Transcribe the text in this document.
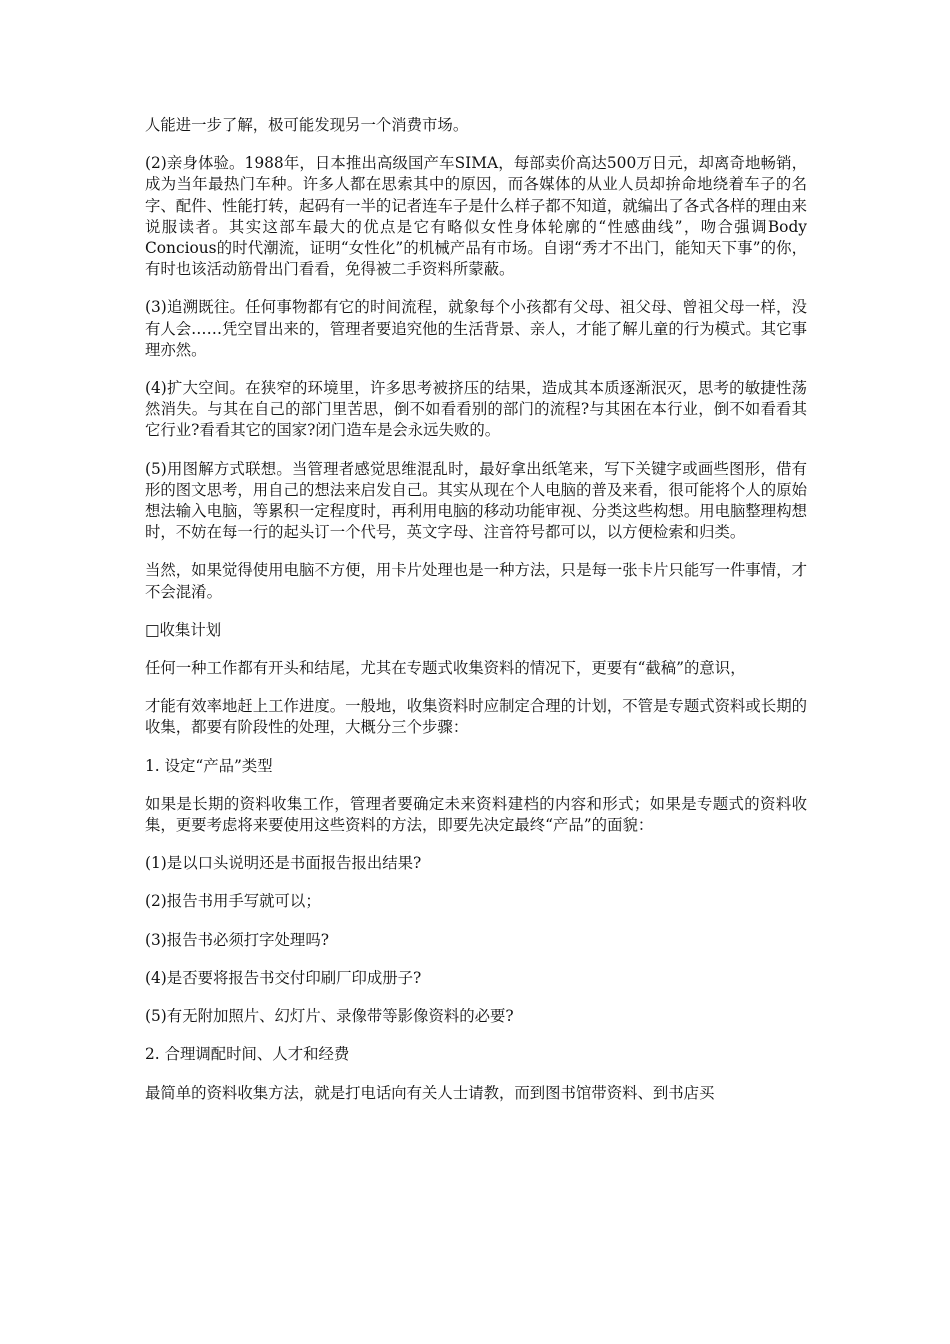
人能进一步了解，极可能发现另一个消费市场。

(2)亲身体验。1988年，日本推出高级国产车SIMA，每部卖价高达500万日元，却离奇地畅销，成为当年最热门车种。许多人都在思索其中的原因，而各媒体的从业人员却拚命地绕着车子的名字、配件、性能打转，起码有一半的记者连车子是什么样子都不知道，就编出了各式各样的理由来说服读者。其实这部车最大的优点是它有略似女性身体轮廓的“性感曲线”，吻合强调Body Concious的时代潮流，证明“女性化”的机械产品有市场。自诩“秀才不出门，能知天下事”的你，有时也该活动筋骨出门看看，免得被二手资料所蒙蔽。

(3)追溯既往。任何事物都有它的时间流程，就象每个小孩都有父母、祖父母、曾祖父母一样，没有人会……凭空冒出来的，管理者要追究他的生活背景、亲人，才能了解儿童的行为模式。其它事理亦然。

(4)扩大空间。在狭窄的环境里，许多思考被挤压的结果，造成其本质逐渐泯灭，思考的敏捷性荡然消失。与其在自己的部门里苦思，倒不如看看别的部门的流程?与其困在本行业，倒不如看看其它行业?看看其它的国家?闭门造车是会永远失败的。

(5)用图解方式联想。当管理者感觉思维混乱时，最好拿出纸笔来，写下关键字或画些图形，借有形的图文思考，用自己的想法来启发自己。其实从现在个人电脑的普及来看，很可能将个人的原始想法输入电脑，等累积一定程度时，再利用电脑的移动功能审视、分类这些构想。用电脑整理构想时，不妨在每一行的起头订一个代号，英文字母、注音符号都可以，以方便检索和归类。

当然，如果觉得使用电脑不方便，用卡片处理也是一种方法，只是每一张卡片只能写一件事情，才不会混淆。

□收集计划

任何一种工作都有开头和结尾，尤其在专题式收集资料的情况下，更要有“截稿”的意识，

才能有效率地赶上工作进度。一般地，收集资料时应制定合理的计划，不管是专题式资料或长期的收集，都要有阶段性的处理，大概分三个步骤：

1. 设定“产品”类型

如果是长期的资料收集工作，管理者要确定未来资料建档的内容和形式；如果是专题式的资料收集，更要考虑将来要使用这些资料的方法，即要先决定最终“产品”的面貌：

(1)是以口头说明还是书面报告报出结果?

(2)报告书用手写就可以；

(3)报告书必须打字处理吗?

(4)是否要将报告书交付印刷厂印成册子?

(5)有无附加照片、幻灯片、录像带等影像资料的必要?

2. 合理调配时间、人才和经费

最简单的资料收集方法，就是打电话向有关人士请教，而到图书馆带资料、到书店买
